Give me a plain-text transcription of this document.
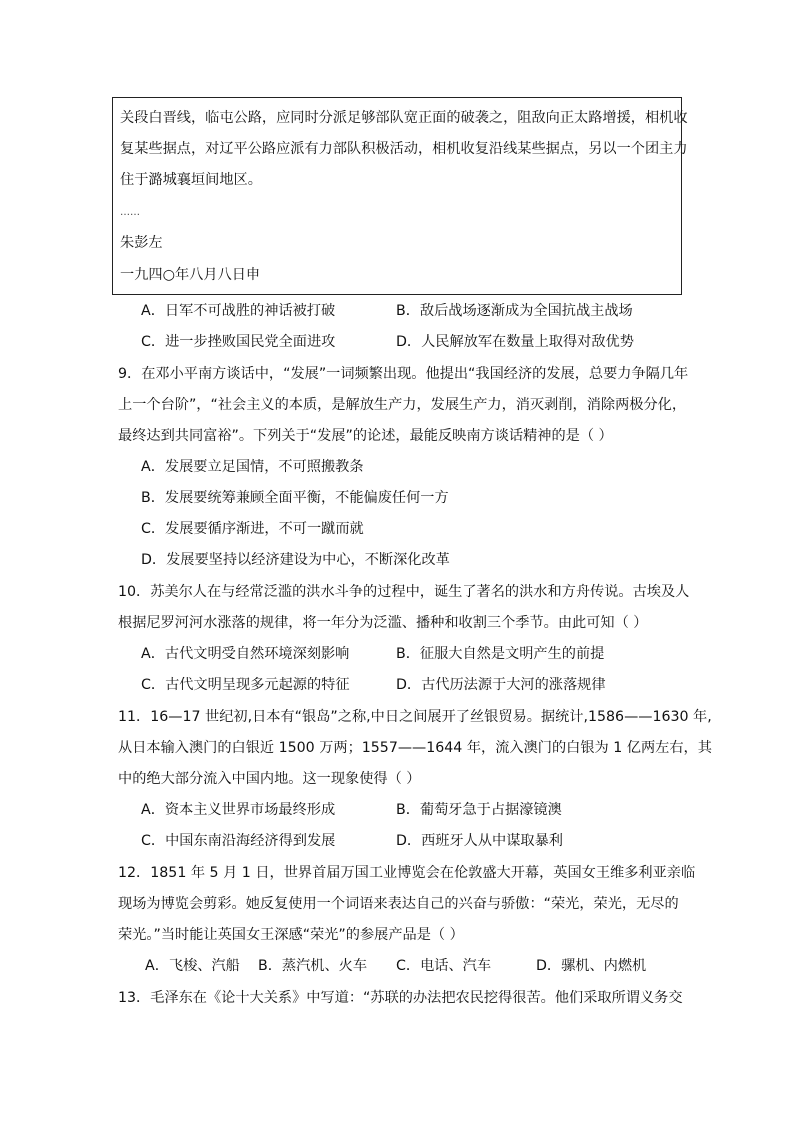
关段白晋线，临屯公路，应同时分派足够部队宽正面的破袭之，阻敌向正太路增援，相机收
复某些据点，对辽平公路应派有力部队积极活动，相机收复沿线某些据点，另以一个团主力
住于潞城襄垣间地区。
……
朱彭左
一九四○年八月八日申
A．日军不可战胜的神话被打破	B．敌后战场逐渐成为全国抗战主战场
C．进一步挫败国民党全面进攻	D．人民解放军在数量上取得对敌优势
9．在邓小平南方谈话中，“发展”一词频繁出现。他提出“我国经济的发展，总要力争隔几年
上一个台阶”，“社会主义的本质，是解放生产力，发展生产力，消灭剥削，消除两极分化，
最终达到共同富裕”。下列关于“发展”的论述，最能反映南方谈话精神的是（ ）
A．发展要立足国情，不可照搬教条
B．发展要统筹兼顾全面平衡，不能偏废任何一方
C．发展要循序渐进，不可一蹴而就
D．发展要坚持以经济建设为中心，不断深化改革
10．苏美尔人在与经常泛滥的洪水斗争的过程中，诞生了著名的洪水和方舟传说。古埃及人
根据尼罗河河水涨落的规律，将一年分为泛滥、播种和收割三个季节。由此可知（ ）
A．古代文明受自然环境深刻影响	B．征服大自然是文明产生的前提
C．古代文明呈现多元起源的特征	D．古代历法源于大河的涨落规律
11．16—17 世纪初,日本有“银岛”之称,中日之间展开了丝银贸易。据统计,1586——1630 年,
从日本输入澳门的白银近 1500 万两；1557——1644 年，流入澳门的白银为 1 亿两左右，其
中的绝大部分流入中国内地。这一现象使得（ ）
A．资本主义世界市场最终形成	B．葡萄牙急于占据濠镜澳
C．中国东南沿海经济得到发展	D．西班牙人从中谋取暴利
12．1851 年 5 月 1 日，世界首届万国工业博览会在伦敦盛大开幕，英国女王维多利亚亲临
现场为博览会剪彩。她反复使用一个词语来表达自己的兴奋与骄傲：“荣光，荣光，无尽的
荣光。”当时能让英国女王深感“荣光”的参展产品是（ ）
A．飞梭、汽船 B．蒸汽机、火车 C．电话、汽车	D．骡机、内燃机
13．毛泽东在《论十大关系》中写道：“苏联的办法把农民挖得很苦。他们采取所谓义务交
